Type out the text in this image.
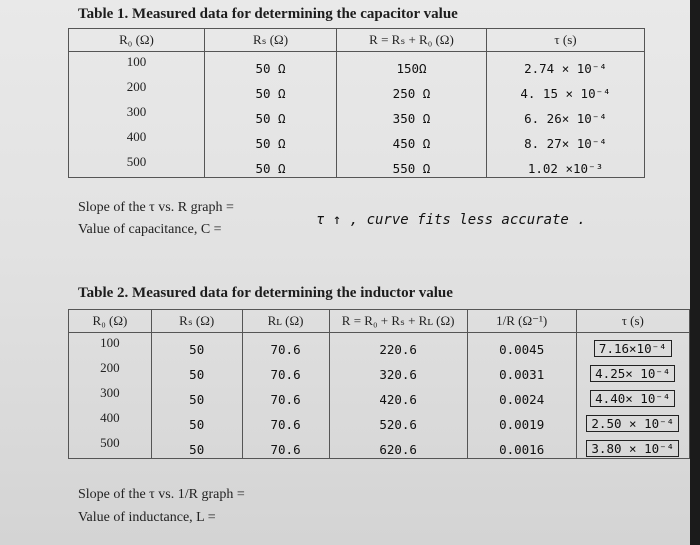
Table 1. Measured data for determining the capacitor value
R₀ (Ω)	Rₛ (Ω)	R = Rₛ + R₀ (Ω)	τ (s)
100	50 Ω	150Ω	2.74 × 10⁻⁴
200	50 Ω	250 Ω	4. 15 × 10⁻⁴
300	50 Ω	350 Ω	6. 26× 10⁻⁴
400	50 Ω	450 Ω	8. 27× 10⁻⁴
500	50 Ω	550 Ω	1.02 ×10⁻³
Slope of the τ vs. R graph =
Value of capacitance, C =
τ ↑ , curve fits less accurate .
Table 2. Measured data for determining the inductor value
R₀ (Ω)	Rₛ (Ω)	Rʟ (Ω)	R = R₀ + Rₛ + Rʟ (Ω)	1/R (Ω⁻¹)	τ (s)
100	50	70.6	220.6	0.0045	7.16×10⁻⁴
200	50	70.6	320.6	0.0031	4.25× 10⁻⁴
300	50	70.6	420.6	0.0024	4.40× 10⁻⁴
400	50	70.6	520.6	0.0019	2.50 × 10⁻⁴
500	50	70.6	620.6	0.0016	3.80 × 10⁻⁴
Slope of the τ vs. 1/R graph =
Value of inductance, L =
